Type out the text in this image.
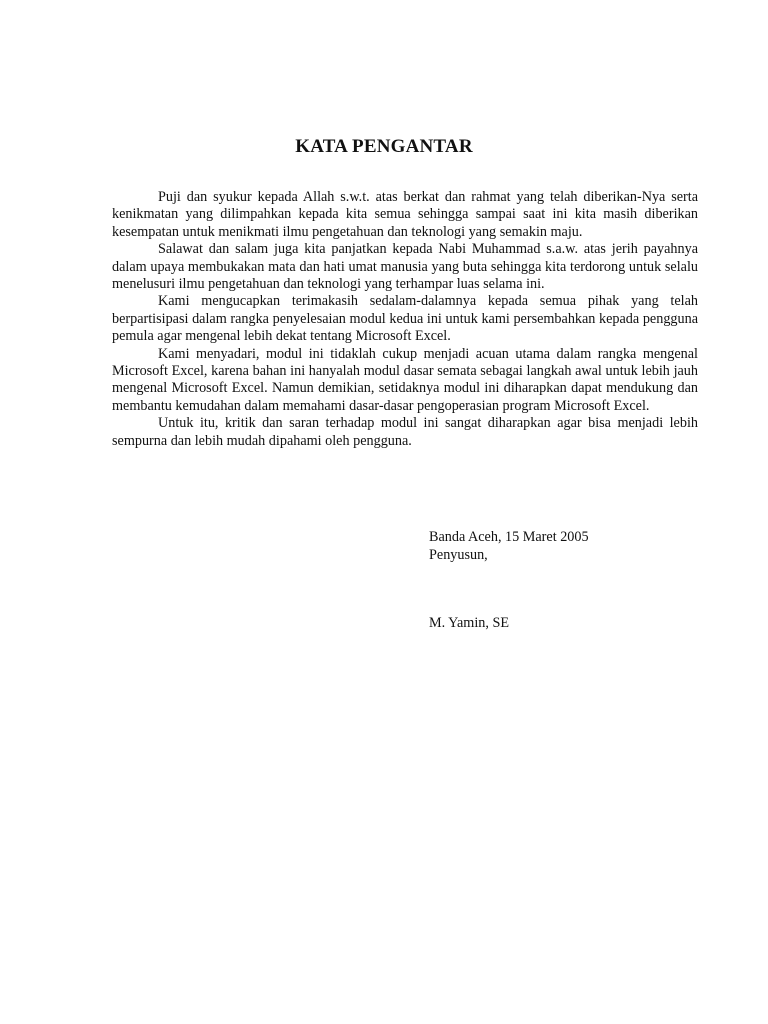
KATA PENGANTAR

Puji dan syukur kepada Allah s.w.t. atas berkat dan rahmat yang telah diberikan-Nya serta kenikmatan yang dilimpahkan kepada kita semua sehingga sampai saat ini kita masih diberikan kesempatan untuk menikmati ilmu pengetahuan dan teknologi yang semakin maju.

Salawat dan salam juga kita panjatkan kepada Nabi Muhammad s.a.w. atas jerih payahnya dalam upaya membukakan mata dan hati umat manusia yang buta sehingga kita terdorong untuk selalu menelusuri ilmu pengetahuan dan teknologi yang terhampar luas selama ini.

Kami mengucapkan terimakasih sedalam-dalamnya kepada semua pihak yang telah berpartisipasi dalam rangka penyelesaian modul kedua ini untuk kami persembahkan kepada pengguna pemula agar mengenal lebih dekat tentang Microsoft Excel.

Kami menyadari, modul ini tidaklah cukup menjadi acuan utama dalam rangka mengenal Microsoft Excel, karena bahan ini hanyalah modul dasar semata sebagai langkah awal untuk lebih jauh mengenal Microsoft Excel. Namun demikian, setidaknya modul ini diharapkan dapat mendukung dan membantu kemudahan dalam memahami dasar-dasar pengoperasian program Microsoft Excel.

Untuk itu, kritik dan saran terhadap modul ini sangat diharapkan agar bisa menjadi lebih sempurna dan lebih mudah dipahami oleh pengguna.

Banda Aceh, 15 Maret 2005
Penyusun,
M. Yamin, SE
